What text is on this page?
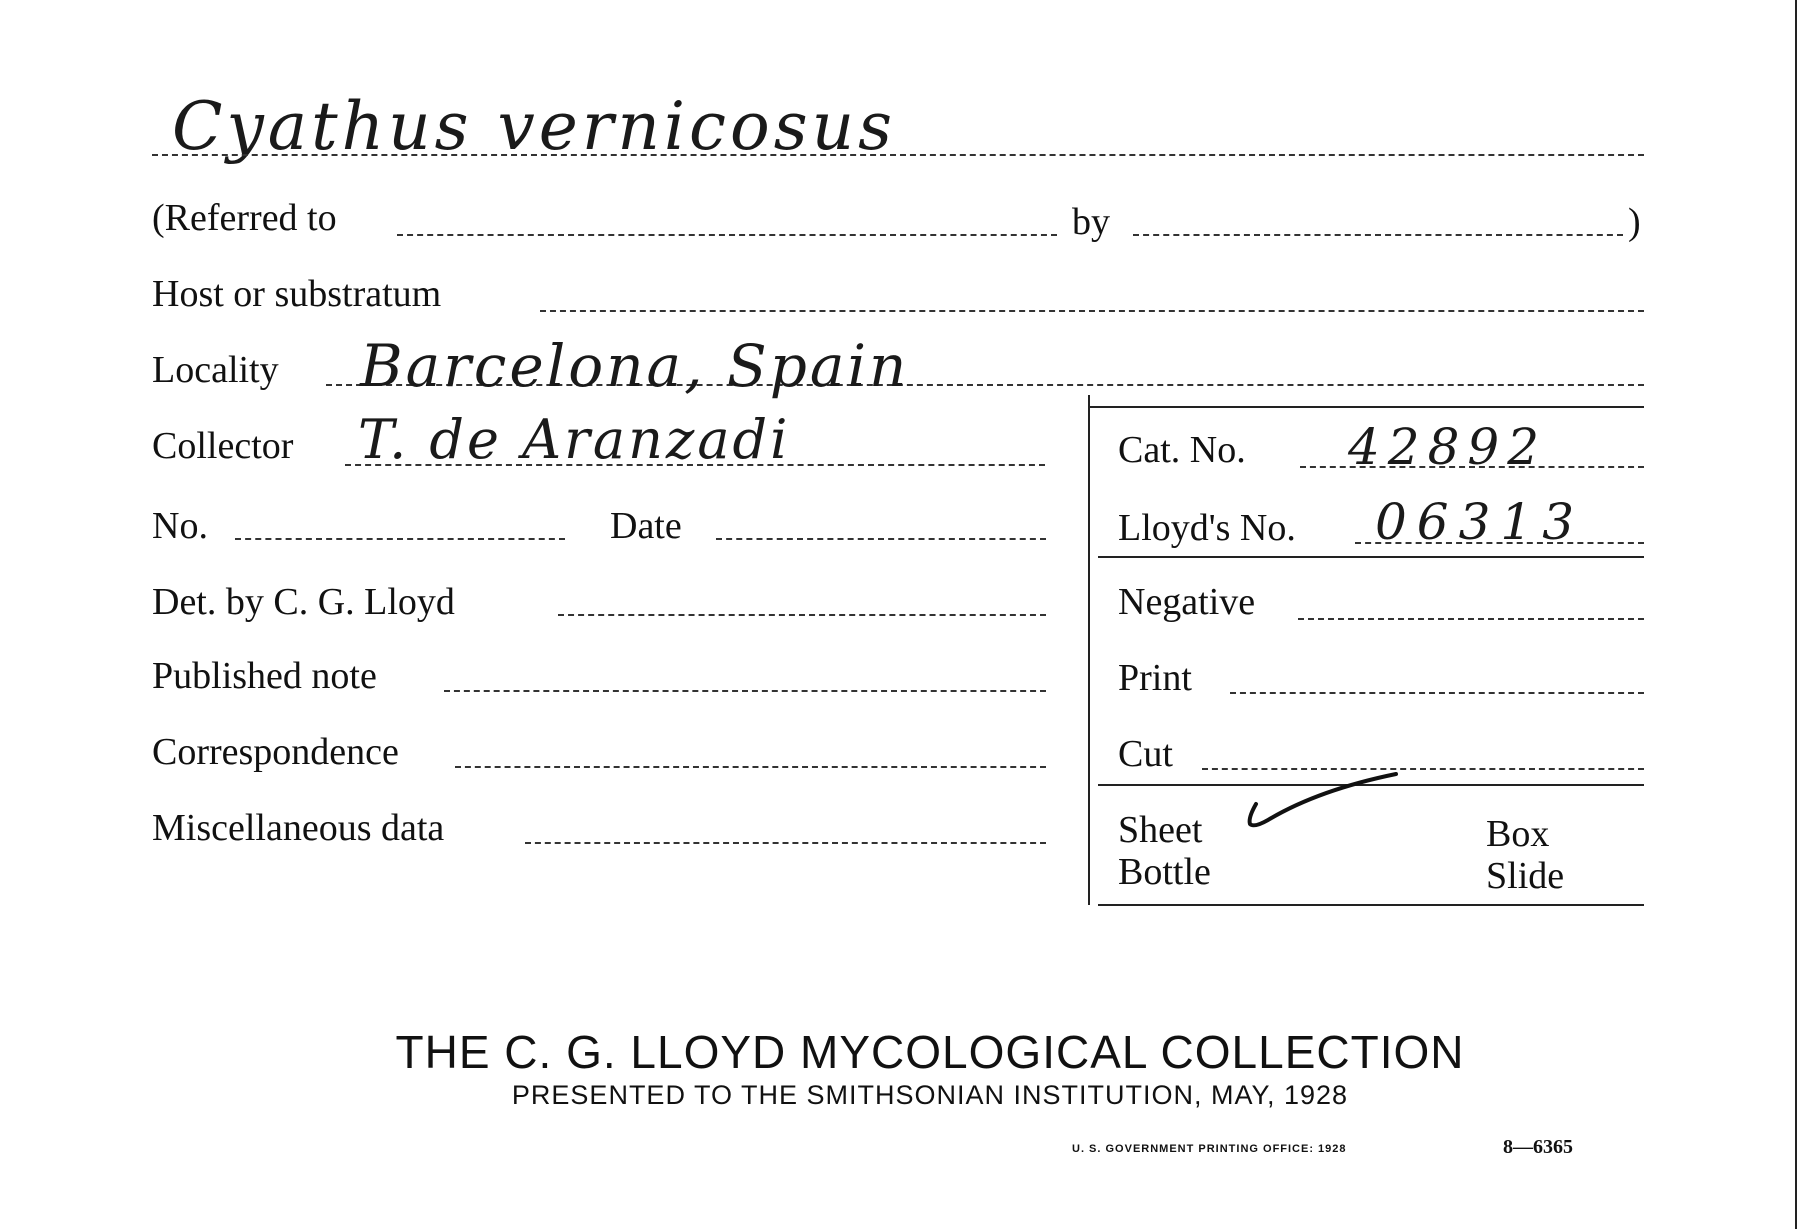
Cyathus vernicosus
(Referred to	by	)
Host or substratum
Locality Barcelona, Spain
Collector T. de Aranzadi
No.	Date
Det. by C. G. Lloyd
Published note
Correspondence
Miscellaneous data
Cat. No. 42892
Lloyd's No. 06313
Negative
Print
Cut
Sheet	Box
Bottle	Slide
THE C. G. LLOYD MYCOLOGICAL COLLECTION
PRESENTED TO THE SMITHSONIAN INSTITUTION, MAY, 1928
U. S. GOVERNMENT PRINTING OFFICE: 1928	8—6365
